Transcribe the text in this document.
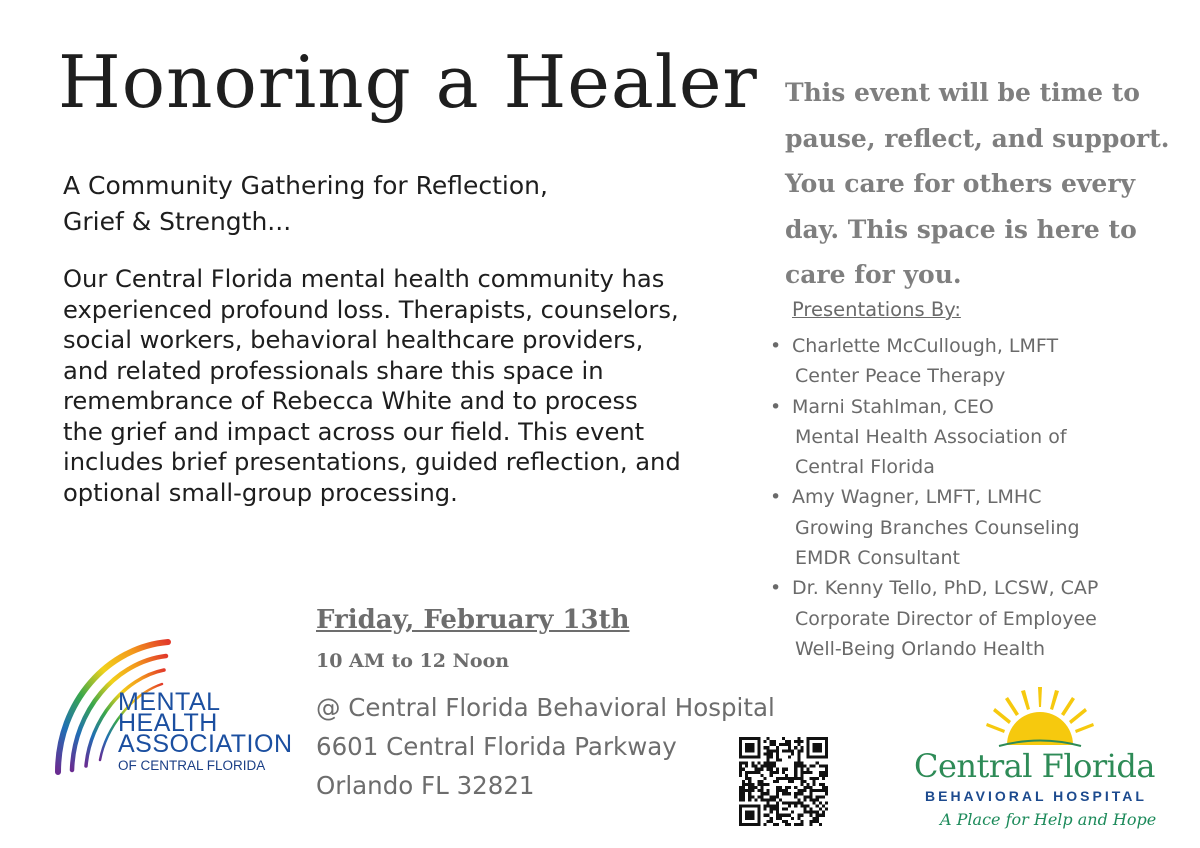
Honoring a Healer
A Community Gathering for Reflection,
Grief & Strength...
Our Central Florida mental health community has
experienced profound loss. Therapists, counselors,
social workers, behavioral healthcare providers,
and related professionals share this space in
remembrance of Rebecca White and to process
the grief and impact across our field. This event
includes brief presentations, guided reflection, and
optional small-group processing.
This event will be time to
pause, reflect, and support.
You care for others every
day. This space is here to
care for you.
Presentations By:
• Charlette McCullough, LMFT
Center Peace Therapy
• Marni Stahlman, CEO
Mental Health Association of
Central Florida
• Amy Wagner, LMFT, LMHC
Growing Branches Counseling
EMDR Consultant
• Dr. Kenny Tello, PhD, LCSW, CAP
Corporate Director of Employee
Well-Being Orlando Health
Friday, February 13th
10 AM to 12 Noon
@ Central Florida Behavioral Hospital
6601 Central Florida Parkway
Orlando FL 32821
MENTAL
HEALTH
ASSOCIATION
OF CENTRAL FLORIDA	Central Florida
BEHAVIORAL HOSPITAL
A Place for Help and Hope
